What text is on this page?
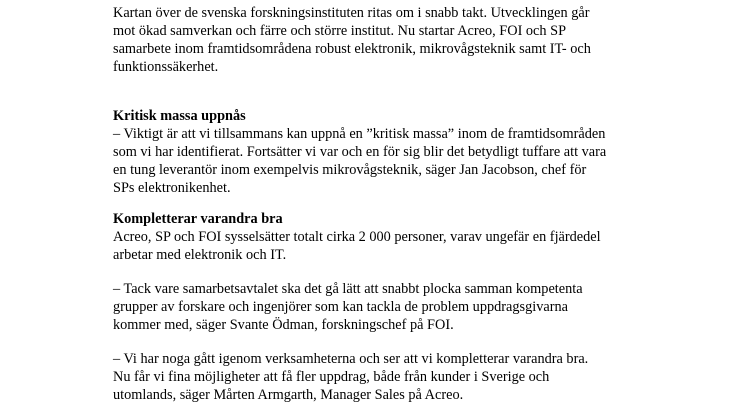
Kartan över de svenska forskningsinstituten ritas om i snabb takt. Utvecklingen går
mot ökad samverkan och färre och större institut. Nu startar Acreo, FOI och SP
samarbete inom framtidsområdena robust elektronik, mikrovågsteknik samt IT- och
funktionssäkerhet.
Kritisk massa uppnås
– Viktigt är att vi tillsammans kan uppnå en ”kritisk massa” inom de framtidsområden
som vi har identifierat. Fortsätter vi var och en för sig blir det betydligt tuffare att vara
en tung leverantör inom exempelvis mikrovågsteknik, säger Jan Jacobson, chef för
SPs elektronikenhet.
Kompletterar varandra bra
Acreo, SP och FOI sysselsätter totalt cirka 2 000 personer, varav ungefär en fjärdedel
arbetar med elektronik och IT.
– Tack vare samarbetsavtalet ska det gå lätt att snabbt plocka samman kompetenta
grupper av forskare och ingenjörer som kan tackla de problem uppdragsgivarna
kommer med, säger Svante Ödman, forskningschef på FOI.
– Vi har noga gått igenom verksamheterna och ser att vi kompletterar varandra bra.
Nu får vi fina möjligheter att få fler uppdrag, både från kunder i Sverige och
utomlands, säger Mårten Armgarth, Manager Sales på Acreo.
